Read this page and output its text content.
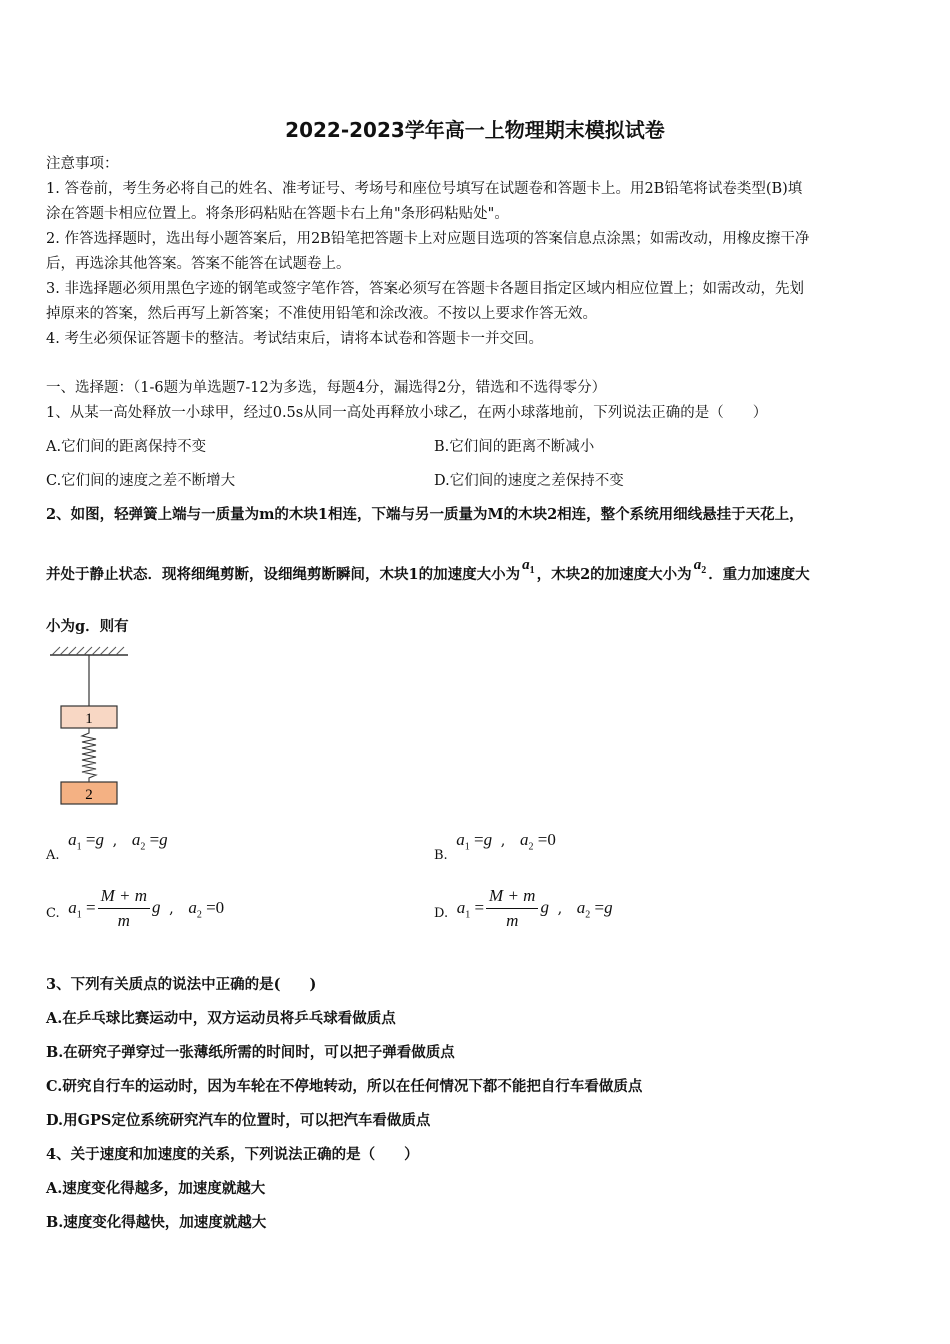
2022-2023学年高一上物理期末模拟试卷
注意事项：
1. 答卷前，考生务必将自己的姓名、准考证号、考场号和座位号填写在试题卷和答题卡上。用2B铅笔将试卷类型(B)填
涂在答题卡相应位置上。将条形码粘贴在答题卡右上角"条形码粘贴处"。
2. 作答选择题时，选出每小题答案后，用2B铅笔把答题卡上对应题目选项的答案信息点涂黑；如需改动，用橡皮擦干净
后，再选涂其他答案。答案不能答在试题卷上。
3. 非选择题必须用黑色字迹的钢笔或签字笔作答，答案必须写在答题卡各题目指定区域内相应位置上；如需改动，先划
掉原来的答案，然后再写上新答案；不准使用铅笔和涂改液。不按以上要求作答无效。
4. 考生必须保证答题卡的整洁。考试结束后，请将本试卷和答题卡一并交回。
一、选择题：（1-6题为单选题7-12为多选，每题4分，漏选得2分，错选和不选得零分）
1、从某一高处释放一小球甲，经过0.5s从同一高处再释放小球乙，在两小球落地前，下列说法正确的是（　　）
A.它们间的距离保持不变	B.它们间的距离不断减小
C.它们间的速度之差不断增大	D.它们间的速度之差保持不变
2、如图，轻弹簧上端与一质量为m的木块1相连，下端与另一质量为M的木块2相连，整个系统用细线悬挂于天花上，
并处于静止状态．现将细绳剪断，设细绳剪断瞬间，木块1的加速度大小为$a_1$ ，木块2的加速度大小为$a_2$ ．重力加速度大
小为g．则有
1
2
A. $a_1 =g$ , $a_2 =g$
B. $a_1 =g$ , $a_2 =0$
C. $a_1 = \frac{M + m}{m}$ g , $a_2 =0$	D. $a_1 = \frac{M + m}{m}$ g , $a_2 =g$
3、下列有关质点的说法中正确的是(　　)
A.在乒乓球比赛运动中，双方运动员将乒乓球看做质点
B.在研究子弹穿过一张薄纸所需的时间时，可以把子弹看做质点
C.研究自行车的运动时，因为车轮在不停地转动，所以在任何情况下都不能把自行车看做质点
D.用GPS定位系统研究汽车的位置时，可以把汽车看做质点
4、关于速度和加速度的关系，下列说法正确的是（　　）
A.速度变化得越多，加速度就越大
B.速度变化得越快，加速度就越大
